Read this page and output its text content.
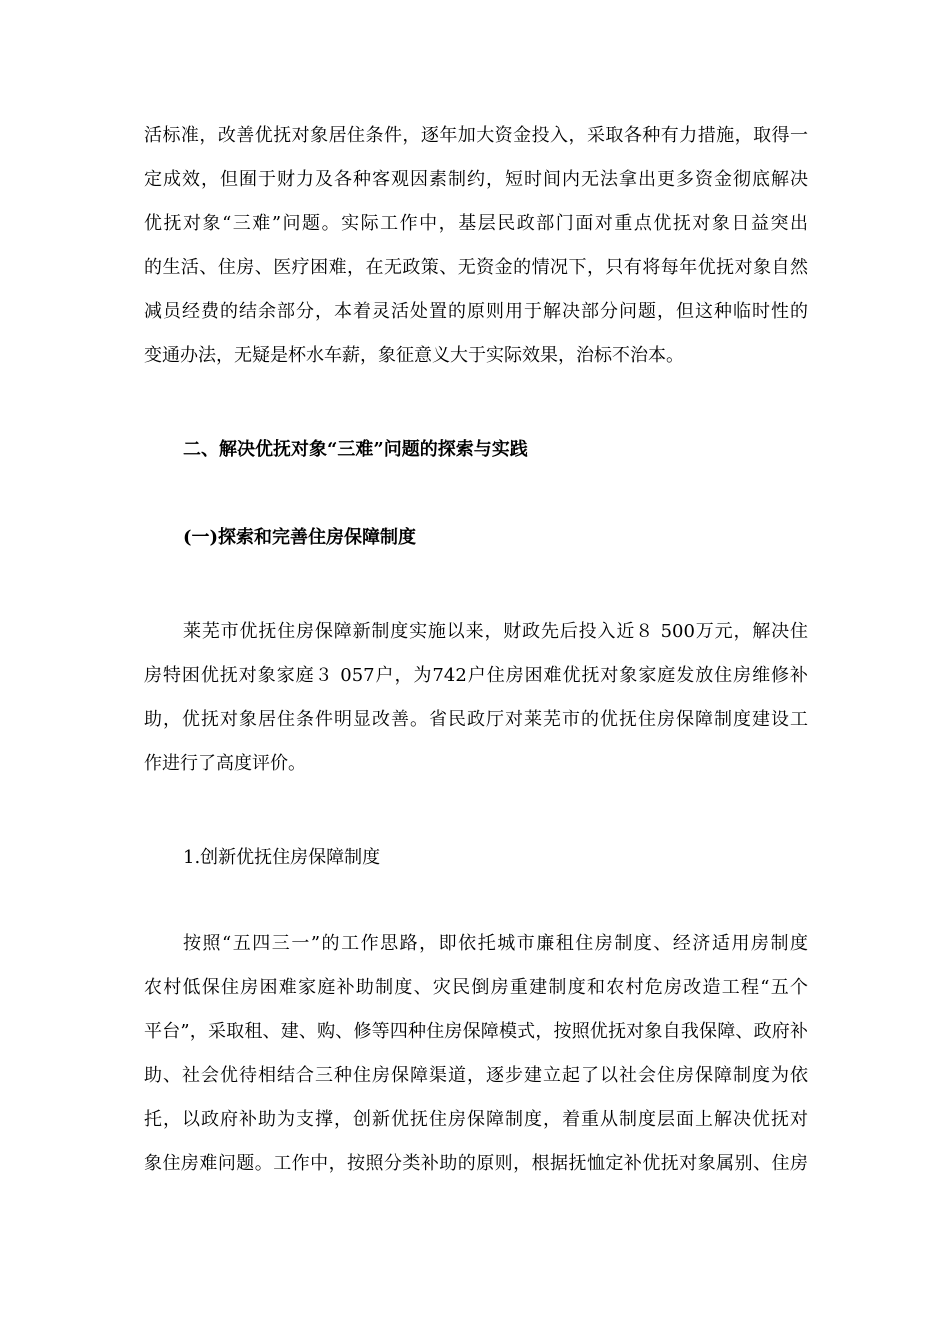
活标准，改善优抚对象居住条件，逐年加大资金投入，采取各种有力措施，取得一
定成效，但囿于财力及各种客观因素制约，短时间内无法拿出更多资金彻底解决
优抚对象“三难”问题。实际工作中，基层民政部门面对重点优抚对象日益突出
的生活、住房、医疗困难，在无政策、无资金的情况下，只有将每年优抚对象自然
减员经费的结余部分，本着灵活处置的原则用于解决部分问题，但这种临时性的
变通办法，无疑是杯水车薪，象征意义大于实际效果，治标不治本。
二、解决优抚对象“三难”问题的探索与实践
(一)探索和完善住房保障制度
莱芜市优抚住房保障新制度实施以来，财政先后投入近８ 500万元，解决住
房特困优抚对象家庭３ 057户，为742户住房困难优抚对象家庭发放住房维修补
助，优抚对象居住条件明显改善。省民政厅对莱芜市的优抚住房保障制度建设工
作进行了高度评价。
1.创新优抚住房保障制度
按照“五四三一”的工作思路，即依托城市廉租住房制度、经济适用房制度
农村低保住房困难家庭补助制度、灾民倒房重建制度和农村危房改造工程“五个
平台”，采取租、建、购、修等四种住房保障模式，按照优抚对象自我保障、政府补
助、社会优待相结合三种住房保障渠道，逐步建立起了以社会住房保障制度为依
托，以政府补助为支撑，创新优抚住房保障制度，着重从制度层面上解决优抚对
象住房难问题。工作中，按照分类补助的原则，根据抚恤定补优抚对象属别、住房
